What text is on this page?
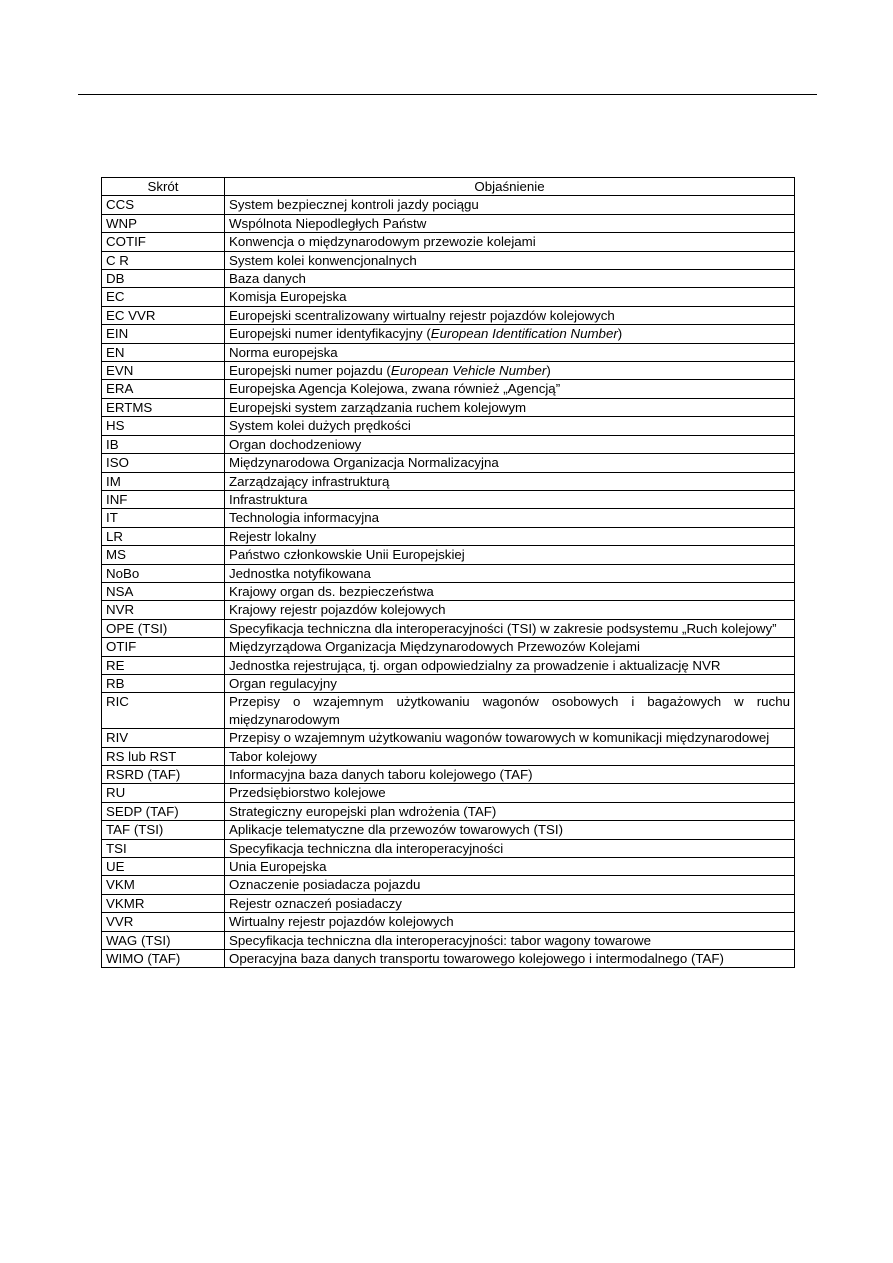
Skrót	Objaśnienie
CCS	System bezpiecznej kontroli jazdy pociągu
WNP	Wspólnota Niepodległych Państw
COTIF	Konwencja o międzynarodowym przewozie kolejami
C R	System kolei konwencjonalnych
DB	Baza danych
EC	Komisja Europejska
EC VVR	Europejski scentralizowany wirtualny rejestr pojazdów kolejowych
EIN	Europejski numer identyfikacyjny (European Identification Number)
EN	Norma europejska
EVN	Europejski numer pojazdu (European Vehicle Number)
ERA	Europejska Agencja Kolejowa, zwana również „Agencją”
ERTMS	Europejski system zarządzania ruchem kolejowym
HS	System kolei dużych prędkości
IB	Organ dochodzeniowy
ISO	Międzynarodowa Organizacja Normalizacyjna
IM	Zarządzający infrastrukturą
INF	Infrastruktura
IT	Technologia informacyjna
LR	Rejestr lokalny
MS	Państwo członkowskie Unii Europejskiej
NoBo	Jednostka notyfikowana
NSA	Krajowy organ ds. bezpieczeństwa
NVR	Krajowy rejestr pojazdów kolejowych
OPE (TSI)	Specyfikacja techniczna dla interoperacyjności (TSI) w zakresie podsystemu „Ruch kolejowy”
OTIF	Międzyrządowa Organizacja Międzynarodowych Przewozów Kolejami
RE	Jednostka rejestrująca, tj. organ odpowiedzialny za prowadzenie i aktualizację NVR
RB	Organ regulacyjny
RIC	Przepisy o wzajemnym użytkowaniu wagonów osobowych i bagażowych w ruchu międzynarodowym
RIV	Przepisy o wzajemnym użytkowaniu wagonów towarowych w komunikacji międzynarodowej
RS lub RST	Tabor kolejowy
RSRD (TAF)	Informacyjna baza danych taboru kolejowego (TAF)
RU	Przedsiębiorstwo kolejowe
SEDP (TAF)	Strategiczny europejski plan wdrożenia (TAF)
TAF (TSI)	Aplikacje telematyczne dla przewozów towarowych (TSI)
TSI	Specyfikacja techniczna dla interoperacyjności
UE	Unia Europejska
VKM	Oznaczenie posiadacza pojazdu
VKMR	Rejestr oznaczeń posiadaczy
VVR	Wirtualny rejestr pojazdów kolejowych
WAG (TSI)	Specyfikacja techniczna dla interoperacyjności: tabor wagony towarowe
WIMO (TAF)	Operacyjna baza danych transportu towarowego kolejowego i intermodalnego (TAF)
